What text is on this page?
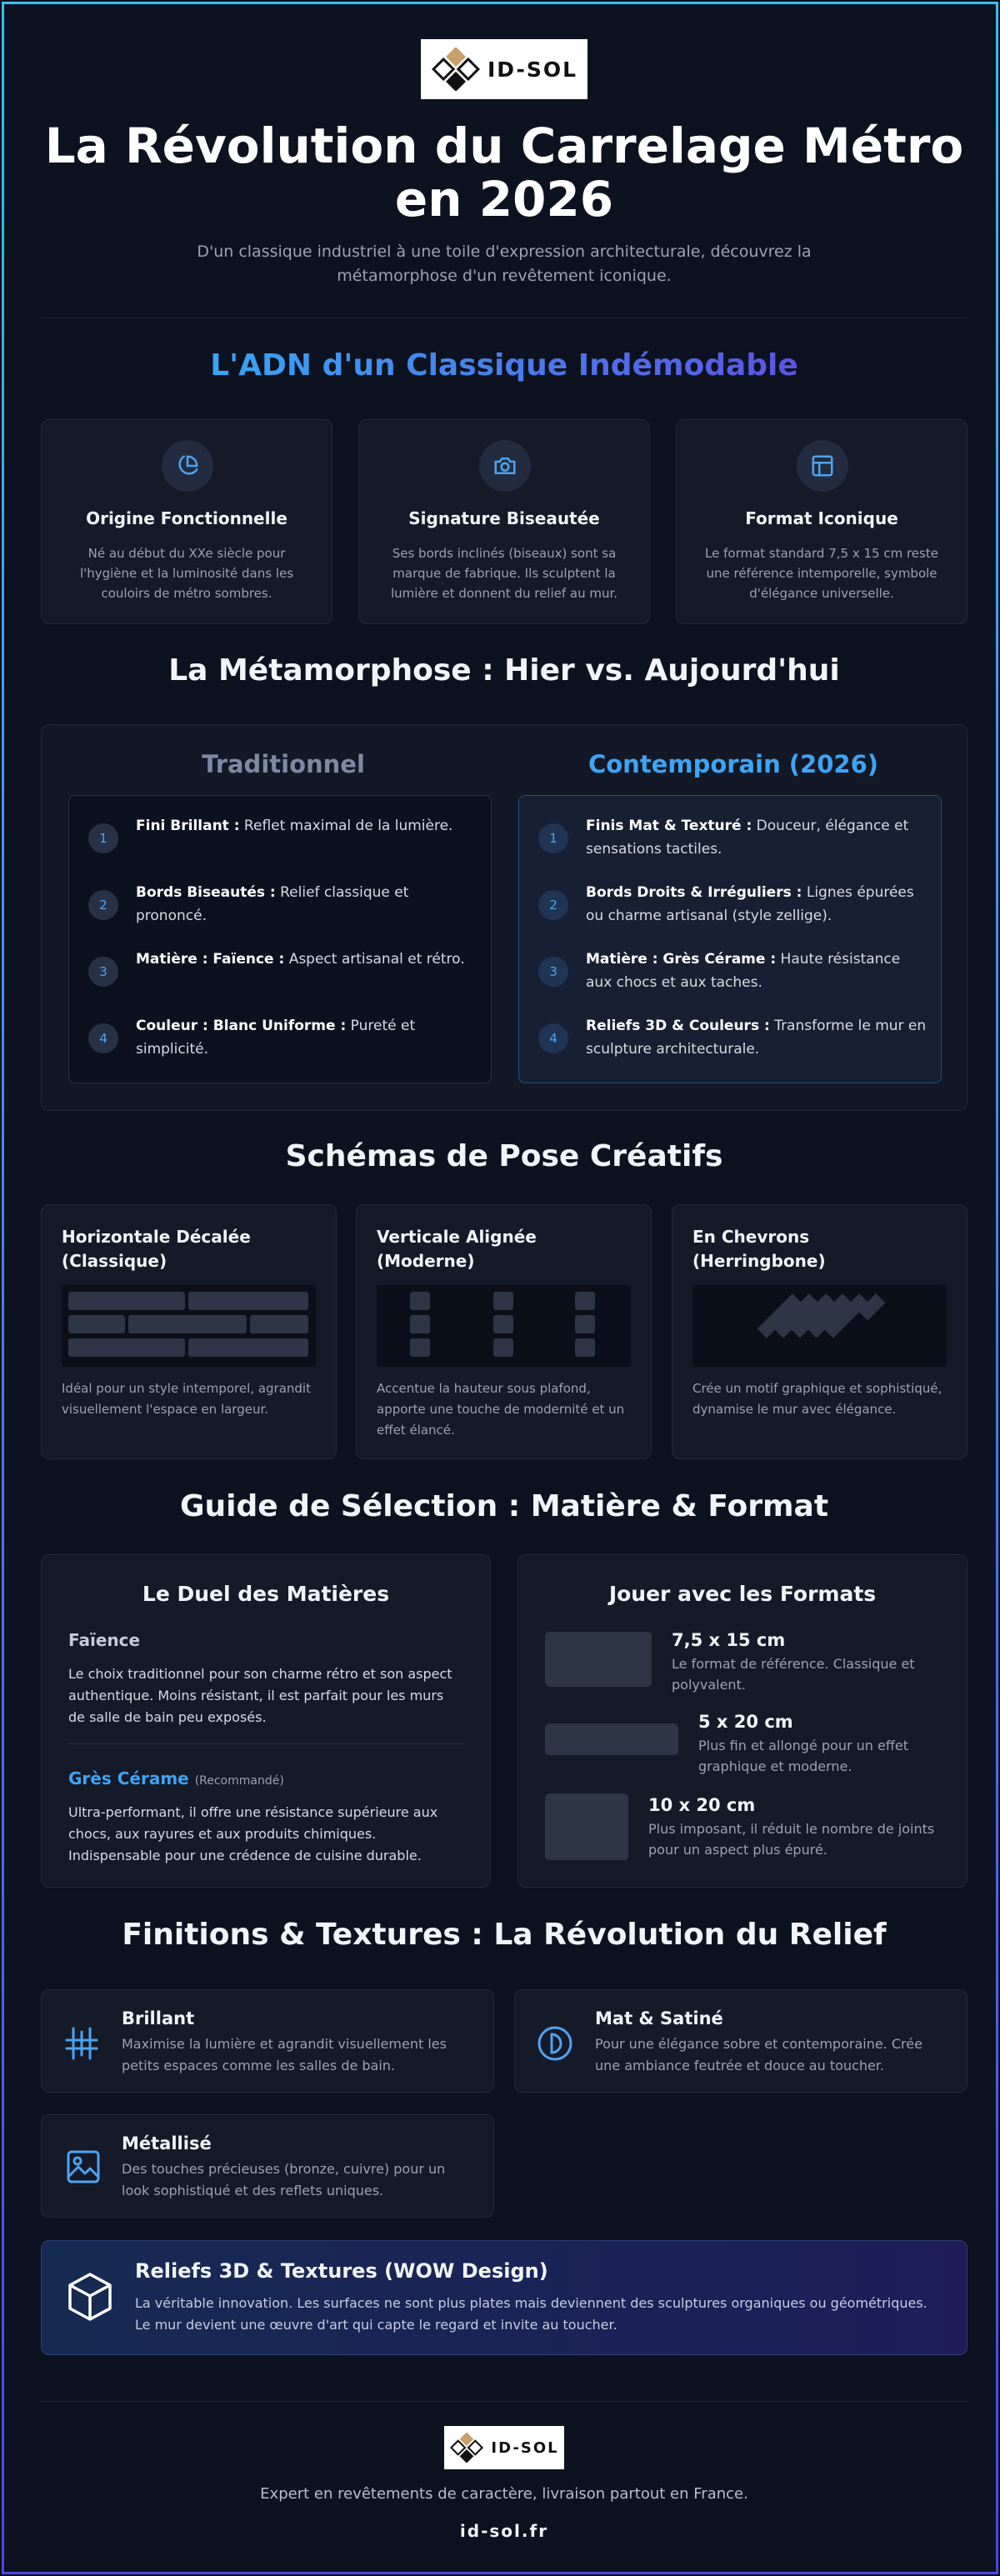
ID-SOL
La Révolution du Carrelage Métro
en 2026
D'un classique industriel à une toile d'expression architecturale, découvrez la métamorphose d'un revêtement iconique.
L'ADN d'un Classique Indémodable
Origine Fonctionnelle
Né au début du XXe siècle pour l'hygiène et la luminosité dans les couloirs de métro sombres.
Signature Biseautée
Ses bords inclinés (biseaux) sont sa marque de fabrique. Ils sculptent la lumière et donnent du relief au mur.
Format Iconique
Le format standard 7,5 x 15 cm reste une référence intemporelle, symbole d'élégance universelle.
La Métamorphose : Hier vs. Aujourd'hui
Traditionnel	Contemporain (2026)
1
Fini Brillant : Reflet maximal de la lumière.
2
Bords Biseautés : Relief classique et prononcé.
3
Matière : Faïence : Aspect artisanal et rétro.
4
Couleur : Blanc Uniforme : Pureté et simplicité.
1
Finis Mat & Texturé : Douceur, élégance et sensations tactiles.
2
Bords Droits & Irréguliers : Lignes épurées ou charme artisanal (style zellige).
3
Matière : Grès Cérame : Haute résistance aux chocs et aux taches.
4
Reliefs 3D & Couleurs : Transforme le mur en sculpture architecturale.
Schémas de Pose Créatifs
Horizontale Décalée
(Classique)
Idéal pour un style intemporel, agrandit visuellement l'espace en largeur.
Verticale Alignée
(Moderne)
Accentue la hauteur sous plafond, apporte une touche de modernité et un effet élancé.
En Chevrons
(Herringbone)
Crée un motif graphique et sophistiqué, dynamise le mur avec élégance.
Guide de Sélection : Matière & Format
Le Duel des Matières
Faïence
Le choix traditionnel pour son charme rétro et son aspect authentique. Moins résistant, il est parfait pour les murs de salle de bain peu exposés.
Grès Cérame (Recommandé)
Ultra-performant, il offre une résistance supérieure aux chocs, aux rayures et aux produits chimiques. Indispensable pour une crédence de cuisine durable.
Jouer avec les Formats
7,5 x 15 cm
Le format de référence. Classique et polyvalent.
5 x 20 cm
Plus fin et allongé pour un effet graphique et moderne.
10 x 20 cm
Plus imposant, il réduit le nombre de joints pour un aspect plus épuré.
Finitions & Textures : La Révolution du Relief
Brillant
Maximise la lumière et agrandit visuellement les petits espaces comme les salles de bain.
Mat & Satiné
Pour une élégance sobre et contemporaine. Crée une ambiance feutrée et douce au toucher.
Métallisé
Des touches précieuses (bronze, cuivre) pour un look sophistiqué et des reflets uniques.
Reliefs 3D & Textures (WOW Design)
La véritable innovation. Les surfaces ne sont plus plates mais deviennent des sculptures organiques ou géométriques. Le mur devient une œuvre d'art qui capte le regard et invite au toucher.
ID-SOL
Expert en revêtements de caractère, livraison partout en France.
id-sol.fr
